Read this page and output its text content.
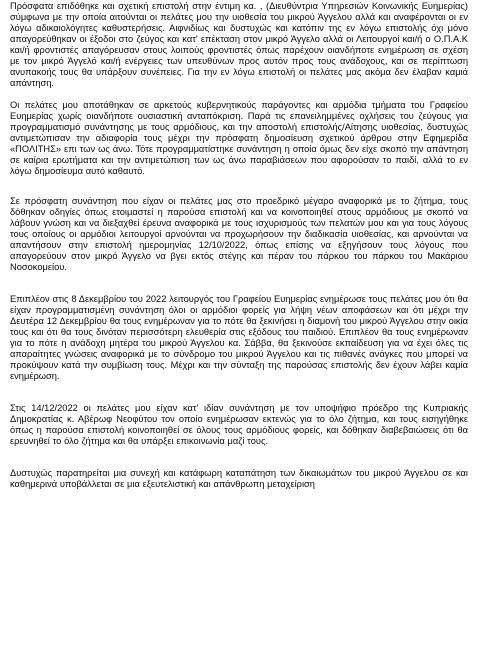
Πρόσφατα επιδόθηκε και σχετική επιστολή στην έντιμη κα. , (Διευθύντρια Υπηρεσιών Κοινωνικής Ευημερίας) σύμφωνα με την οποία αιτούνται οι πελάτες μου την υιοθεσία του μικρού Άγγελου αλλά και αναφέρονται οι εν λόγω αδικαιολόγητες καθυστερήσεις. Αιφνιδίως και δυστυχώς και κατόπιν της εν λόγω επιστολής όχι μόνο απαγορεύθηκαν οι έξοδοι στο ζεύγος και κατ' επέκταση στον μικρό Άγγελο αλλά οι Λειτουργοί και/ή ο Ο.Π.Α.Κ και/ή φροντιστές απαγόρευσαν στους λοιπούς φροντιστές όπως παρέχουν οιανδήποτε ενημέρωση σε σχέση με τον μικρό Άγγελό και/ή ενέργειες των υπευθύνων προς αυτόν προς τους ανάδοχους, και σε περίπτωση ανυπακοής τους θα υπάρξουν συνέπειες. Για την εν λόγω επιστολή οι πελάτες μας ακόμα δεν έλαβαν καμιά απάντηση.

Οι πελάτες μου αποτάθηκαν σε αρκετούς κυβερνητικούς παράγοντες και αρμόδια τμήματα του Γραφείου Ευημερίας χωρίς οιανδήποτε ουσιαστική ανταπόκριση. Παρά τις επανειλημμένες οχλήσεις του ζεύγους για προγραμματισμό συνάντησης με τους αρμόδιους, και την αποστολή επιστολής/Αίτησης υιοθεσίας, δυστυχώς αντιμετώπισαν την αδιαφορία τους μέχρι την πρόσφατη δημοσίευση σχετικού άρθρου στην Εφημερίδα «ΠΟΛΙΤΗΣ» επι των ως άνω. Τότε προγραμματίστηκε συνάντηση η οποία όμως δεν είχε σκοπό την απάντηση σε καίρια ερωτήματα και την αντιμετώπιση των ως άνω παραβιάσεων που αφορούσαν το παιδί, αλλά το εν λόγω δημοσίευμα αυτό καθαυτό.

Σε πρόσφατη συνάντηση που είχαν οι πελάτες μας στο προεδρικό μέγαρο αναφορικά με το ζήτημα, τους δόθηκαν οδηγίες όπως ετοιμαστεί η παρούσα επιστολή και να κοινοποιηθεί στους αρμόδιους με σκοπό να λάβουν γνώση και να διεξαχθεί έρευνα αναφορικά με τους ισχυρισμούς των πελατών μου και για τους λόγους τους οποίους οι αρμόδιοι λειτουργοί αρνούνται να προχωρήσουν την διαδικασία υιοθεσίας, και αρνούνται να απαντήσουν στην επιστολή ημερομηνίας 12/10/2022, όπως επίσης να εξηγήσουν τους λόγους που απαγορεύουν στον μικρό Άγγελο να βγει εκτός στέγης και πέραν του πάρκου του πάρκου του Μακάριου Νοσοκομείου.

Επιπλέον στις 8 Δεκεμβρίου του 2022 λειτουργός του Γραφείου Ευημερίας ενημέρωσε τους πελάτες μου ότι θα είχαν προγραμματισμένη συνάντηση όλοι οι αρμόδιοι φορείς για λήψη νέων αποφάσεων και ότι μέχρι την Δευτέρα 12 Δεκεμβρίου θα τους ενημέρωναν για το πότε θα ξεκινήσει η διαμονή του μικρού Άγγελου στην οικία τους και ότι θα τους δινόταν περισσότερη ελευθερία στις εξόδους του παιδιού. Επιπλέον θα τους ενημέρωναν για το πότε η ανάδοχη μητέρα του μικρού Άγγελου κα. Σάββα, θα ξεκινούσε εκπαίδευση για να έχει όλες τις απαραίτητες γνώσεις αναφορικά με το σύνδρομο του μικρού Άγγελου και τις πιθανές ανάγκες που μπορεί να προκύψουν κατά την συμβίωση τους. Μέχρι και την σύνταξη της παρούσας επιστολής δεν έχουν λάβει καμία ενημέρωση.

Στις 14/12/2022 οι πελάτες μου είχαν κατ' ιδίαν συνάντηση με τον υποψήφιο πρόεδρο της Κυπριακής Δημοκρατίας κ. Αβέρωφ Νεοφύτου τον οποίο ενημέρωσαν εκτενώς για το όλο ζήτημα, και τους εισηγήθηκε όπως η παρούσα επιστολή κοινοποιηθεί σε όλους τους αρμόδιους φορείς, και δόθηκαν διαβεβαιώσεις ότι θα ερευνηθεί το όλο ζήτημα και θα υπάρξει επικοινωνία μαζί τους.

Δυστυχώς παρατηρείται μια συνεχή και κατάφωρη καταπάτηση των δικαιωμάτων του μικρού Άγγελου σε και καθημερινά υποβάλλεται σε μια εξευτελιστική και απάνθρωπη μεταχείριση
